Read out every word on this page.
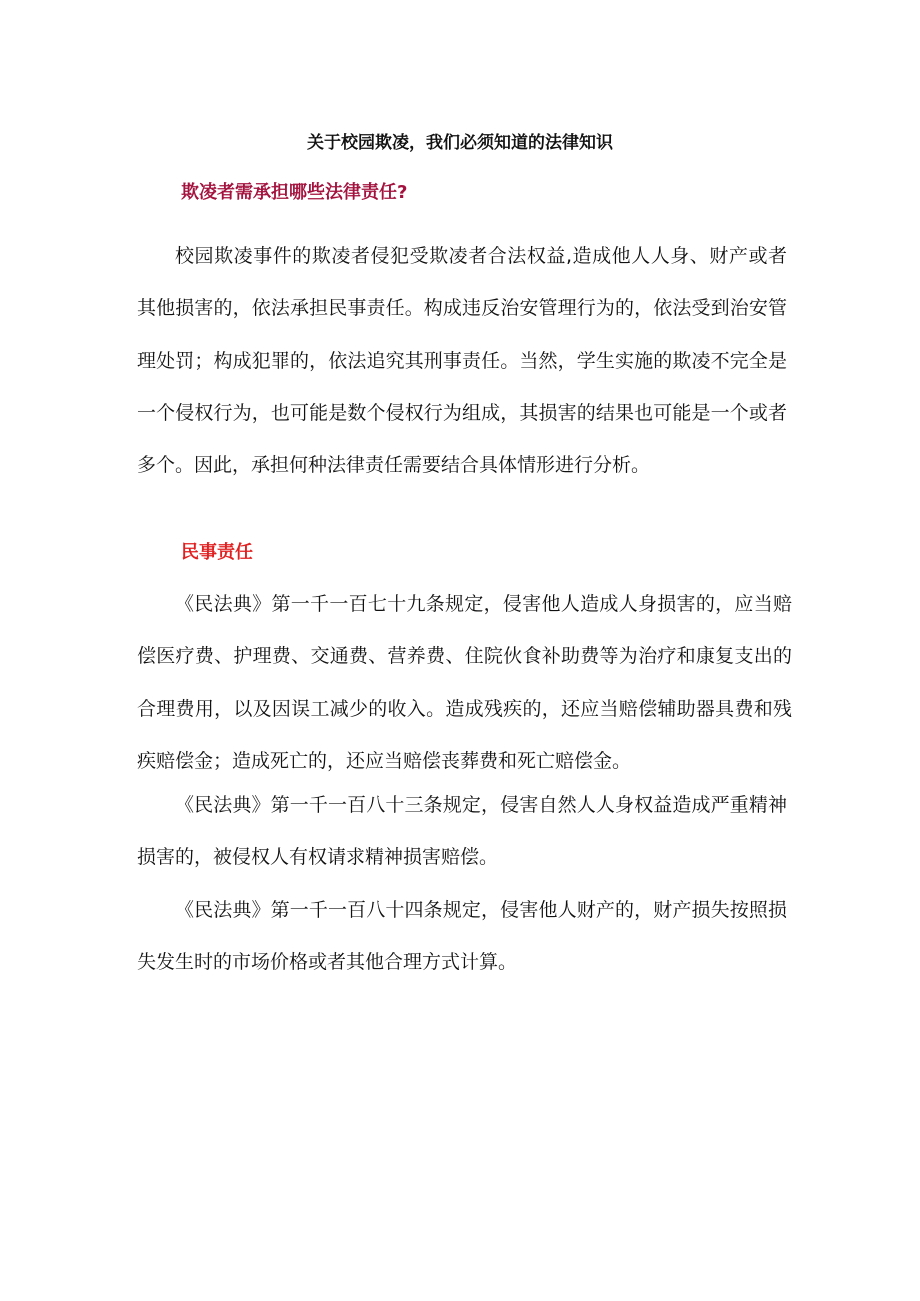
关于校园欺凌，我们必须知道的法律知识
欺凌者需承担哪些法律责任?

校园欺凌事件的欺凌者侵犯受欺凌者合法权益,造成他人人身、财产或者其他损害的，依法承担民事责任。构成违反治安管理行为的，依法受到治安管理处罚；构成犯罪的，依法追究其刑事责任。当然，学生实施的欺凌不完全是一个侵权行为，也可能是数个侵权行为组成，其损害的结果也可能是一个或者多个。因此，承担何种法律责任需要结合具体情形进行分析。

民事责任

《民法典》第一千一百七十九条规定，侵害他人造成人身损害的，应当赔偿医疗费、护理费、交通费、营养费、住院伙食补助费等为治疗和康复支出的合理费用，以及因误工减少的收入。造成残疾的，还应当赔偿辅助器具费和残疾赔偿金；造成死亡的，还应当赔偿丧葬费和死亡赔偿金。

《民法典》第一千一百八十三条规定，侵害自然人人身权益造成严重精神损害的，被侵权人有权请求精神损害赔偿。

《民法典》第一千一百八十四条规定，侵害他人财产的，财产损失按照损失发生时的市场价格或者其他合理方式计算。
